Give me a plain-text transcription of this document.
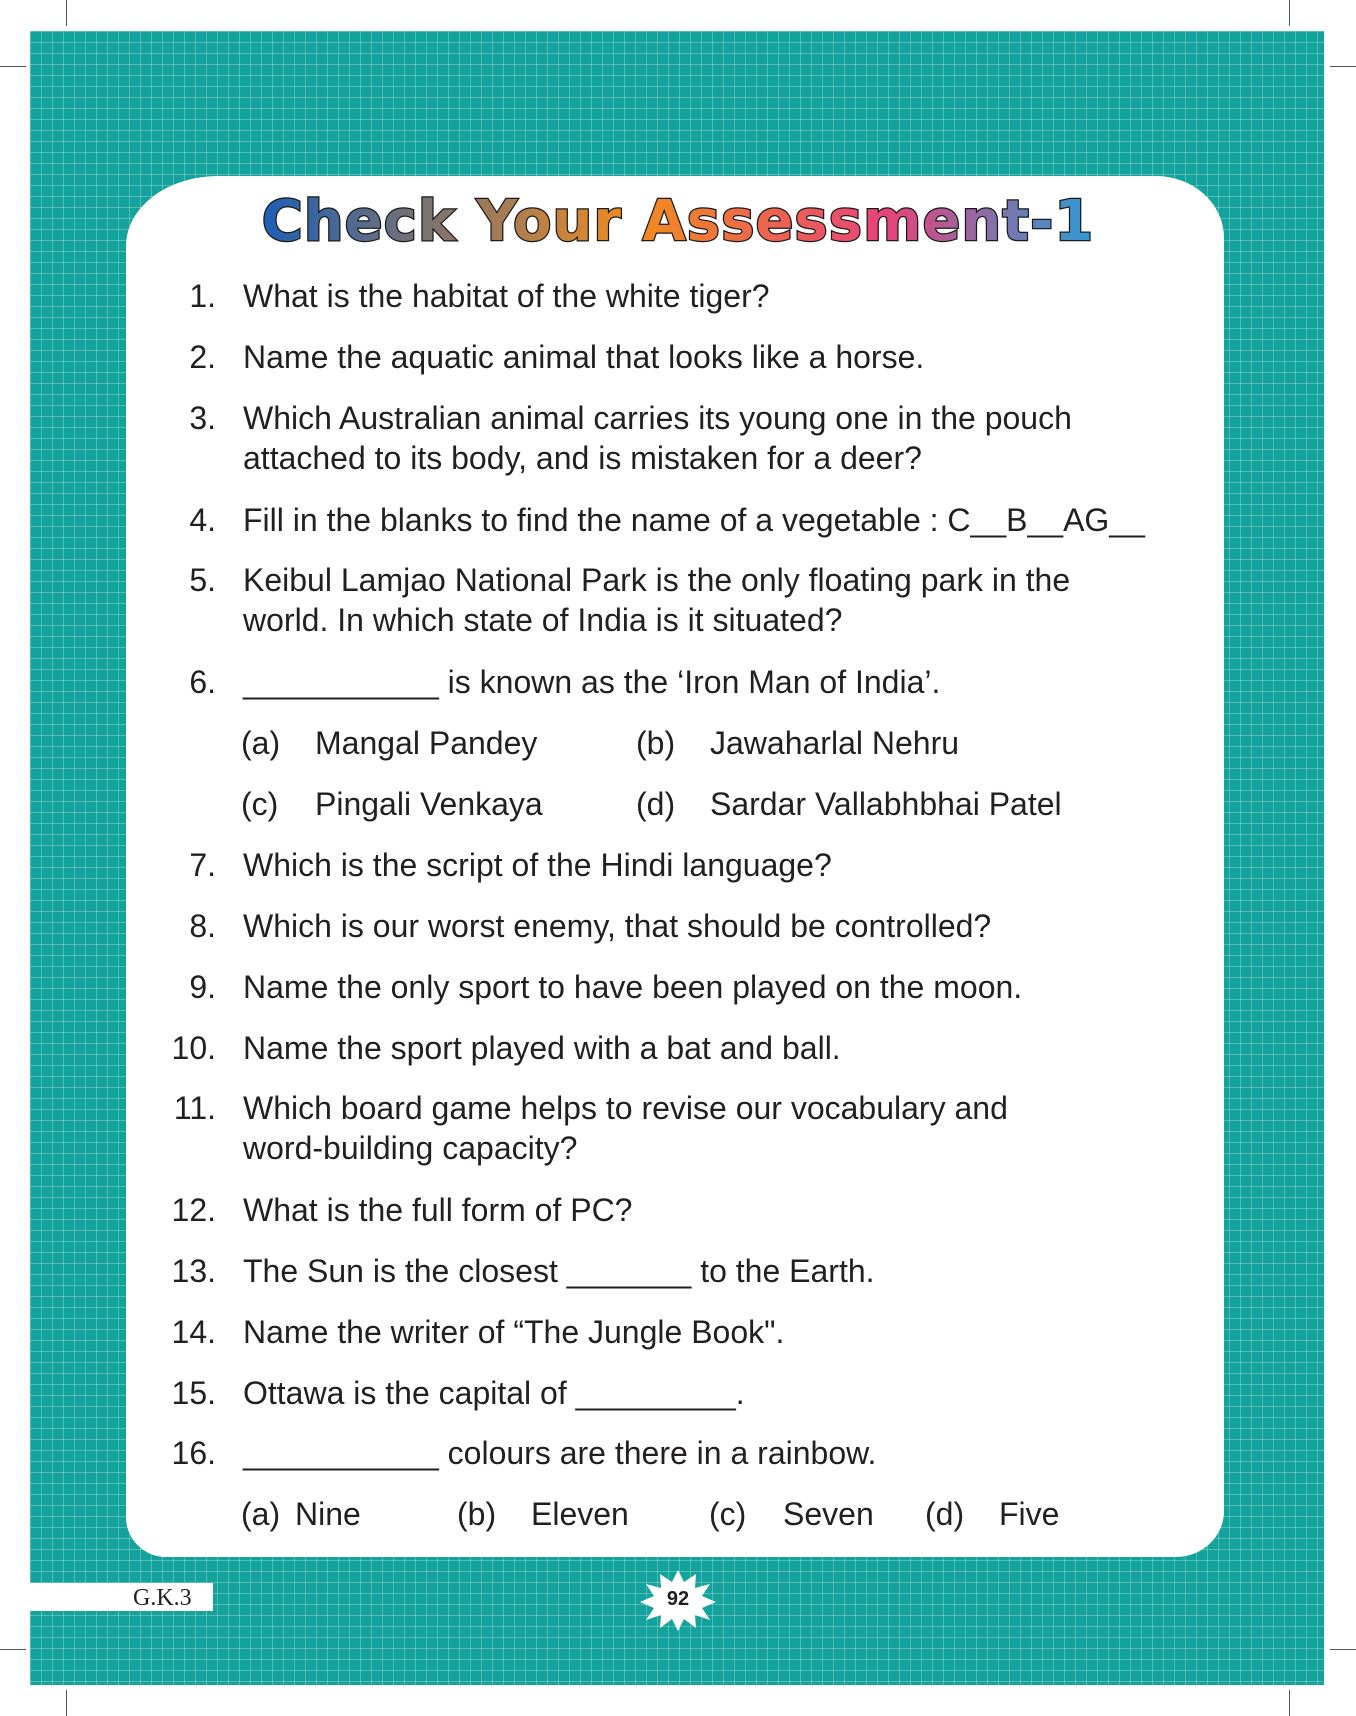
Check Your Assessment-1
1. What is the habitat of the white tiger?
2. Name the aquatic animal that looks like a horse.
3. Which Australian animal carries its young one in the pouch
attached to its body, and is mistaken for a deer?
4. Fill in the blanks to find the name of a vegetable : C__B__AG__
5. Keibul Lamjao National Park is the only floating park in the
world. In which state of India is it situated?
6. ___________ is known as the ‘Iron Man of India’.
(a) Mangal Pandey	(b) Jawaharlal Nehru
(c) Pingali Venkaya	(d) Sardar Vallabhbhai Patel
7. Which is the script of the Hindi language?
8. Which is our worst enemy, that should be controlled?
9. Name the only sport to have been played on the moon.
10. Name the sport played with a bat and ball.
11. Which board game helps to revise our vocabulary and
word-building capacity?
12. What is the full form of PC?
13. The Sun is the closest _______ to the Earth.
14. Name the writer of “The Jungle Book".
15. Ottawa is the capital of _________.
16. ___________ colours are there in a rainbow.
(a) Nine	(b) Eleven	(c) Seven (d) Five
G.K.3	92
